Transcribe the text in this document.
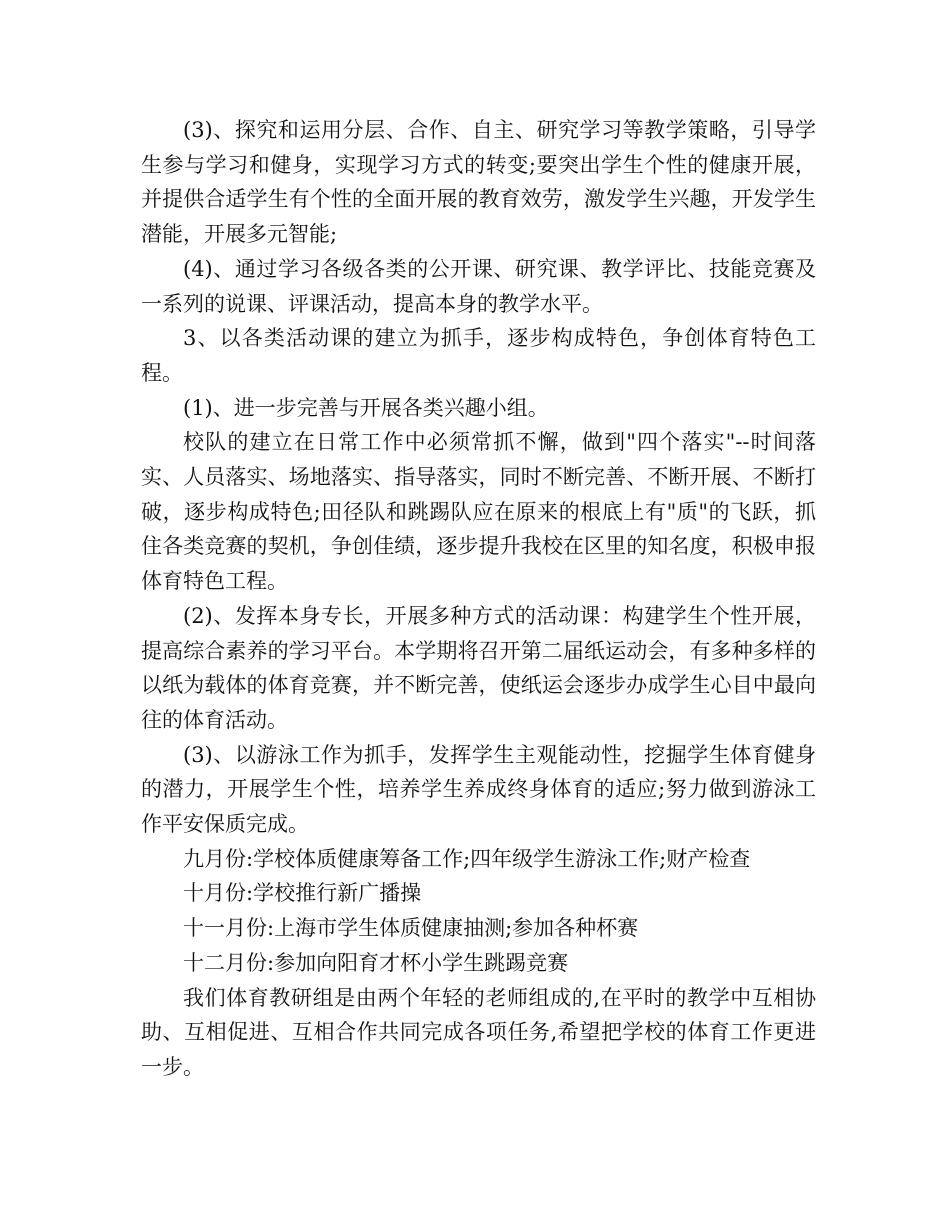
(3)、探究和运用分层、合作、自主、研究学习等教学策略，引导学生参与学习和健身，实现学习方式的转变;要突出学生个性的健康开展，并提供合适学生有个性的全面开展的教育效劳，激发学生兴趣，开发学生潜能，开展多元智能;

(4)、通过学习各级各类的公开课、研究课、教学评比、技能竞赛及一系列的说课、评课活动，提高本身的教学水平。

3、以各类活动课的建立为抓手，逐步构成特色，争创体育特色工程。

(1)、进一步完善与开展各类兴趣小组。

校队的建立在日常工作中必须常抓不懈，做到"四个落实"--时间落实、人员落实、场地落实、指导落实，同时不断完善、不断开展、不断打破，逐步构成特色;田径队和跳踢队应在原来的根底上有"质"的飞跃，抓住各类竞赛的契机，争创佳绩，逐步提升我校在区里的知名度，积极申报体育特色工程。

(2)、发挥本身专长，开展多种方式的活动课：构建学生个性开展，提高综合素养的学习平台。本学期将召开第二届纸运动会，有多种多样的以纸为载体的体育竞赛，并不断完善，使纸运会逐步办成学生心目中最向往的体育活动。

(3)、以游泳工作为抓手，发挥学生主观能动性，挖掘学生体育健身的潜力，开展学生个性，培养学生养成终身体育的适应;努力做到游泳工作平安保质完成。

九月份:学校体质健康筹备工作;四年级学生游泳工作;财产检查

十月份:学校推行新广播操

十一月份:上海市学生体质健康抽测;参加各种杯赛

十二月份:参加向阳育才杯小学生跳踢竞赛

我们体育教研组是由两个年轻的老师组成的,在平时的教学中互相协助、互相促进、互相合作共同完成各项任务,希望把学校的体育工作更进一步。
